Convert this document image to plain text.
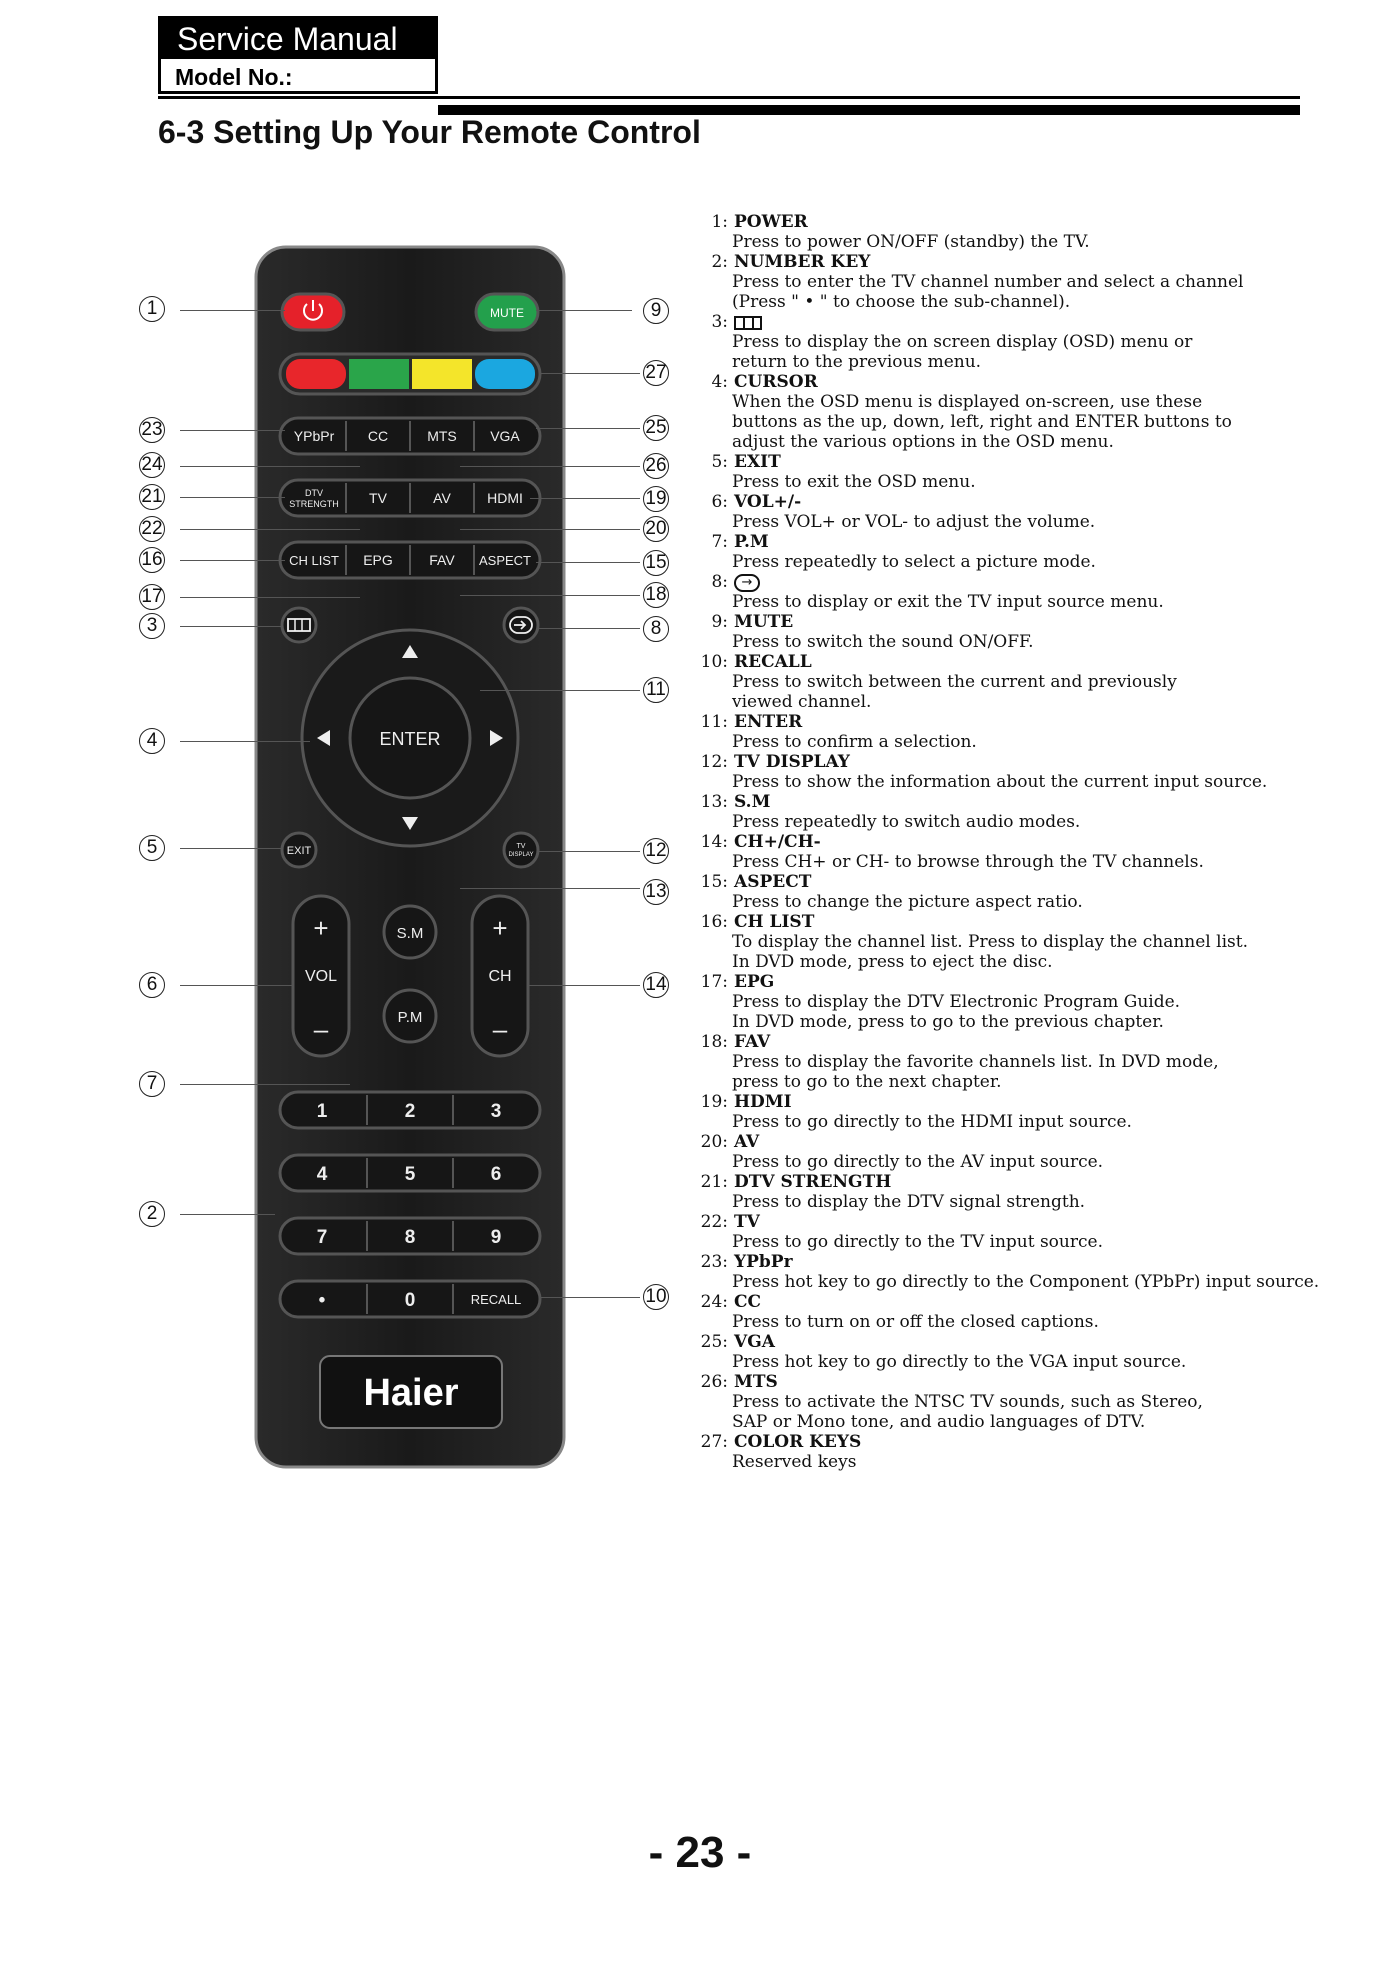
Service Manual
Model No.:
6-3 Setting Up Your Remote Control
MUTE
YPbPr CC	MTS VGA
DTV
STRENGTH TV	AV	HDMI
CH LIST EPG	FAV ASPECT
ENTER
EXIT	TV
DISPLAY
+
VOL
–
+
CH
–
S.M
P.M
1	2	3
4	5	6
7	8	9
•	0	RECALL
Haier
1	9
27
23	25
24	26
21	19
22	20
16	15
17	18
3	8
11
4
5	12
13
6	14
7
2
10
1: POWER
Press to power ON/OFF (standby) the TV.
2: NUMBER KEY
Press to enter the TV channel number and select a channel
(Press " • " to choose the sub-channel).
3:
Press to display the on screen display (OSD) menu or
return to the previous menu.
4: CURSOR
When the OSD menu is displayed on-screen, use these
buttons as the up, down, left, right and ENTER buttons to
adjust the various options in the OSD menu.
5: EXIT
Press to exit the OSD menu.
6: VOL+/-
Press VOL+ or VOL- to adjust the volume.
7: P.M
Press repeatedly to select a picture mode.
8: →
Press to display or exit the TV input source menu.
9: MUTE
Press to switch the sound ON/OFF.
10: RECALL
Press to switch between the current and previously
viewed channel.
11: ENTER
Press to confirm a selection.
12: TV DISPLAY
Press to show the information about the current input source.
13: S.M
Press repeatedly to switch audio modes.
14: CH+/CH-
Press CH+ or CH- to browse through the TV channels.
15: ASPECT
Press to change the picture aspect ratio.
16: CH LIST
To display the channel list. Press to display the channel list.
In DVD mode, press to eject the disc.
17: EPG
Press to display the DTV Electronic Program Guide.
In DVD mode, press to go to the previous chapter.
18: FAV
Press to display the favorite channels list. In DVD mode,
press to go to the next chapter.
19: HDMI
Press to go directly to the HDMI input source.
20: AV
Press to go directly to the AV input source.
21: DTV STRENGTH
Press to display the DTV signal strength.
22: TV
Press to go directly to the TV input source.
23: YPbPr
Press hot key to go directly to the Component (YPbPr) input source.
24: CC
Press to turn on or off the closed captions.
25: VGA
Press hot key to go directly to the VGA input source.
26: MTS
Press to activate the NTSC TV sounds, such as Stereo,
SAP or Mono tone, and audio languages of DTV.
27: COLOR KEYS
Reserved keys
- 23 -
